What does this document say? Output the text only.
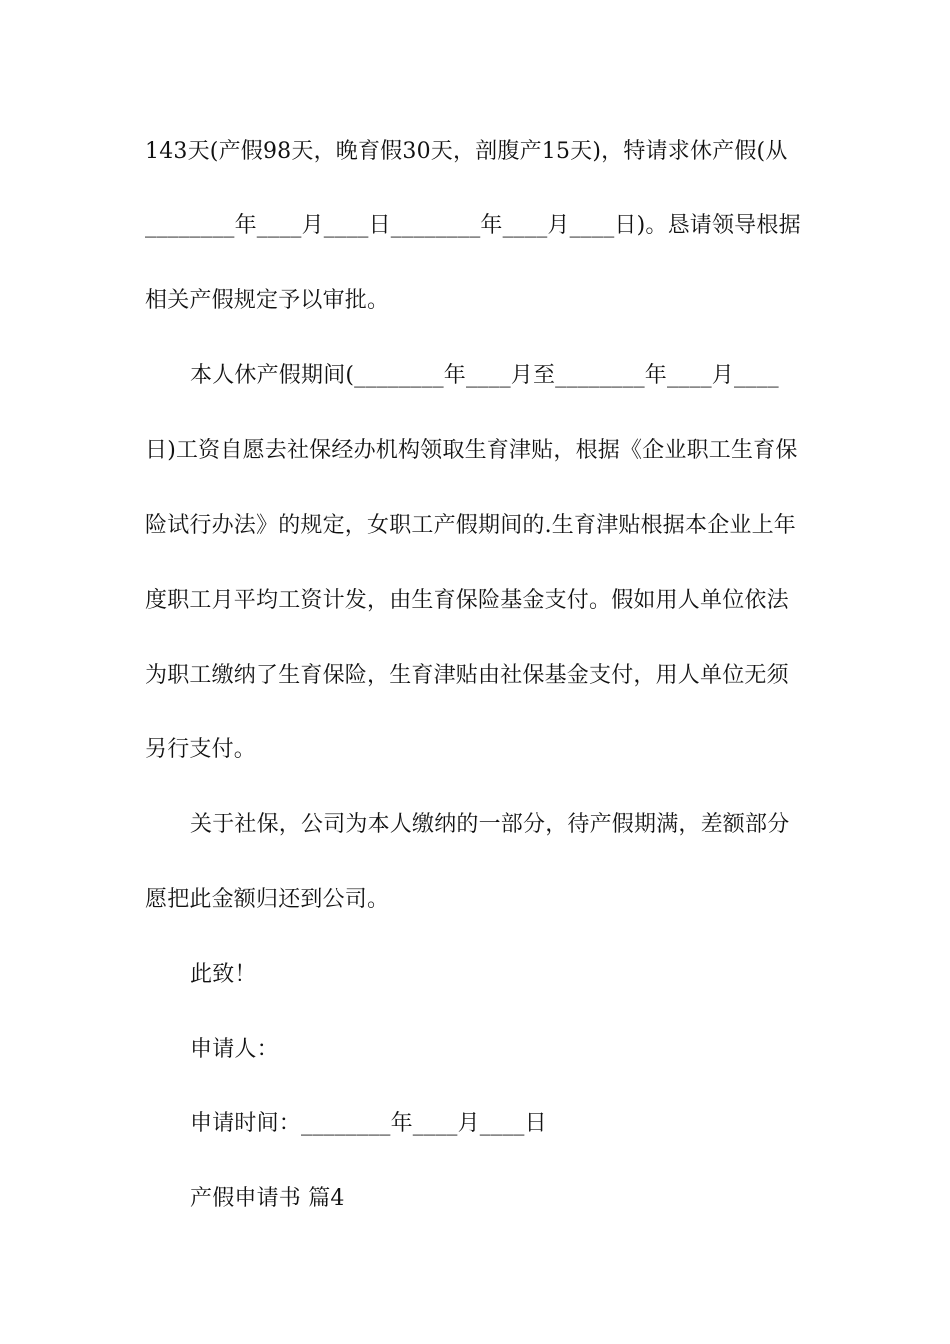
143天(产假98天，晚育假30天，剖腹产15天)，特请求休产假(从
________年____月____日________年____月____日)。恳请领导根据
相关产假规定予以审批。
本人休产假期间(________年____月至________年____月____
日)工资自愿去社保经办机构领取生育津贴，根据《企业职工生育保
险试行办法》的规定，女职工产假期间的.生育津贴根据本企业上年
度职工月平均工资计发，由生育保险基金支付。假如用人单位依法
为职工缴纳了生育保险，生育津贴由社保基金支付，用人单位无须
另行支付。
关于社保，公司为本人缴纳的一部分，待产假期满，差额部分
愿把此金额归还到公司。
此致！
申请人：
申请时间：________年____月____日
产假申请书 篇4
